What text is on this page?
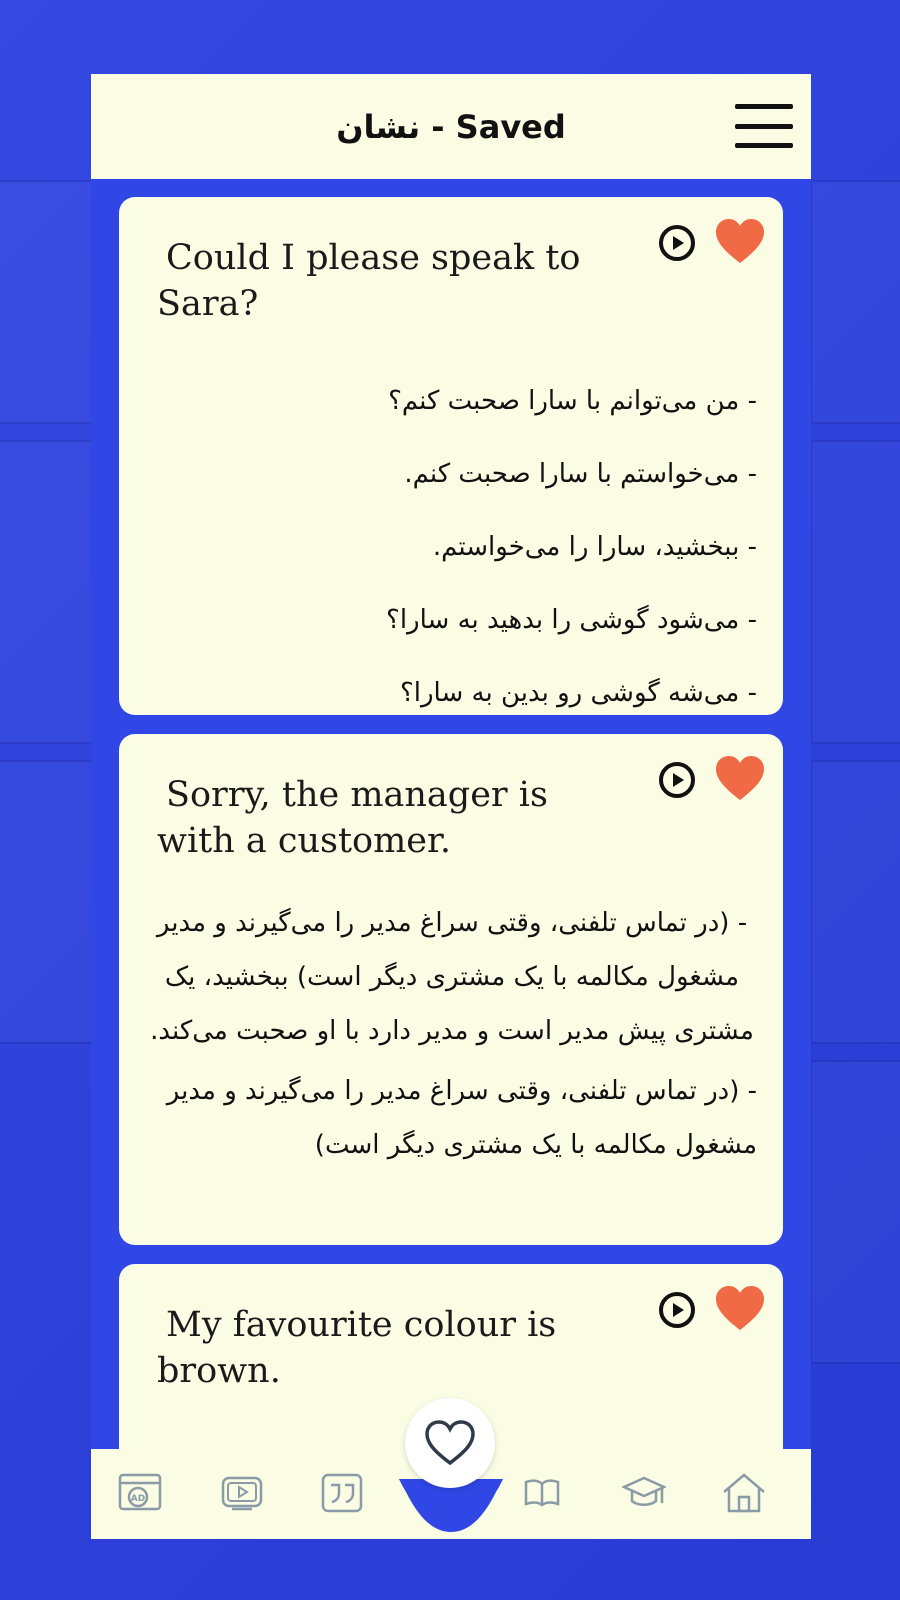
نشان - Saved
Could I please speak to Sara?

- من می‌توانم با سارا صحبت کنم؟

- می‌خواستم با سارا صحبت کنم.

- ببخشید، سارا را می‌خواستم.

- می‌شود گوشی را بدهید به سارا؟

- می‌شه گوشی رو بدین به سارا؟

Sorry, the manager is with a customer.

- (در تماس تلفنی، وقتی سراغ مدیر را می‌گیرند و مدیر مشغول مکالمه با یک مشتری دیگر است) ببخشید، یک مشتری پیش مدیر است و مدیر دارد با او صحبت می‌کند.

- (در تماس تلفنی، وقتی سراغ مدیر را می‌گیرند و مدیر مشغول مکالمه با یک مشتری دیگر است)

My favourite colour is brown.
AD
